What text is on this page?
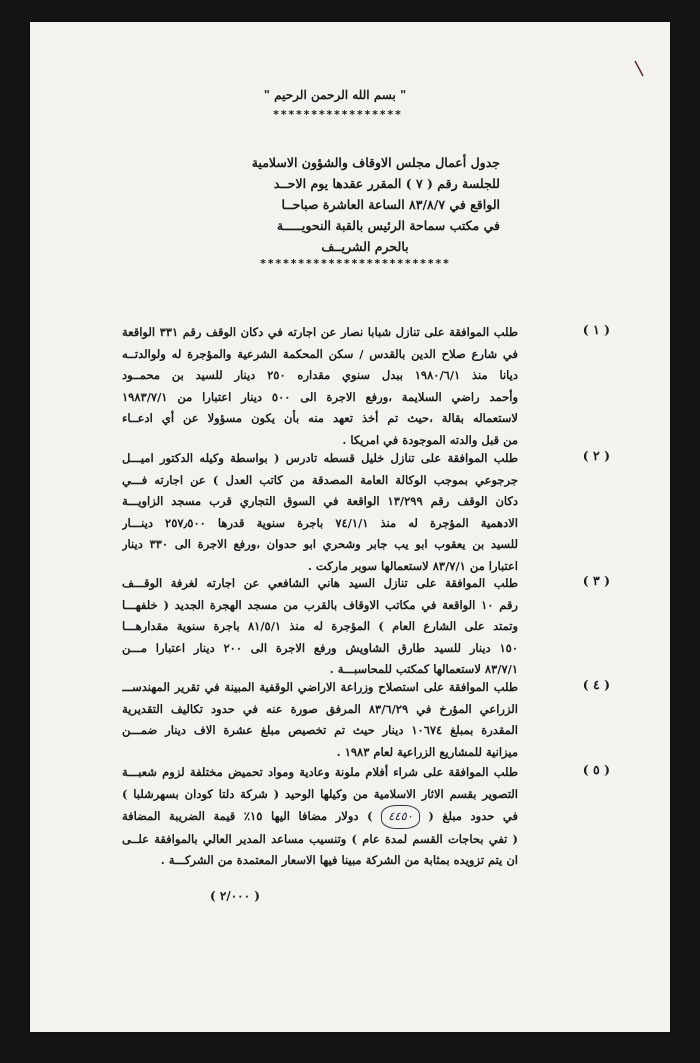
" بسم الله الرحمن الرحيم "
*****************
جدول أعمال مجلس الاوقاف والشؤون الاسلامية
للجلسة رقم ( ٧ ) المقرر عقدها يوم الاحــد
الواقع في ٨٣/٨/٧ الساعة العاشرة صباحــا
في مكتب سماحة الرئيس بالقبة النحويـــــة
بالحرم الشريــف
*************************
( ١ )
طلب الموافقة على تنازل شبابا نصار عن اجارته في دكان الوقف رقم ٣٣١ الواقعة
في شارع صلاح الدين بالقدس / سكن المحكمة الشرعية والمؤجرة له ولوالدتــه
ديانا منذ ١٩٨٠/٦/١ ببدل سنوي مقداره ٢٥٠ دينار للسيد بن محمــود
وأحمد راضي السلايمة ،ورفع الاجرة الى ٥٠٠ دينار اعتبارا من ١٩٨٣/٧/١
لاستعماله بقالة ،حيث تم أخذ تعهد منه بأن يكون مسؤولا عن أي ادعــاء
من قبل والدته الموجودة في امريكا .
( ٢ )
طلب الموافقة على تنازل خليل قسطه تادرس ( بواسطة وكيله الدكتور اميـــل
جرجوعي بموجب الوكالة العامة المصدقة من كاتب العدل ) عن اجارته فـــي
دكان الوقف رقم ١٣/٢٩٩ الواقعة في السوق التجاري قرب مسجد الزاويـــة
الادهمية المؤجرة له منذ ٧٤/١/١ باجرة سنوية قدرها ٢٥٧٫٥٠٠ دينـــار
للسيد بن يعقوب ابو يب جابر وشحري ابو حدوان ،ورفع الاجرة الى ٣٣٠ دينار
اعتبارا من ٨٣/٧/١ لاستعمالها سوبر ماركت .
( ٣ )
طلب الموافقة على تنازل السيد هاني الشافعي عن اجارته لغرفة الوقـــف
رقم ١٠ الواقعة في مكاتب الاوقاف بالقرب من مسجد الهجرة الجديد ( خلفهـــا
وتمتد على الشارع العام ) المؤجرة له منذ ٨١/٥/١ باجرة سنوية مقدارهـــا
١٥٠ دينار للسيد طارق الشاويش ورفع الاجرة الى ٢٠٠ دينار اعتبارا مـــن
٨٣/٧/١ لاستعمالها كمكتب للمحاسبـــة .
( ٤ )
طلب الموافقة على استصلاح وزراعة الاراضي الوقفية المبينة في تقرير المهندســـ
الزراعي المؤرخ في ٨٣/٦/٢٩ المرفق صورة عنه في حدود تكاليف التقديرية
المقدرة بمبلغ ١٠٦٧٤ دينار حيث تم تخصيص مبلغ عشرة الاف دينار ضمـــن
ميزانية للمشاريع الزراعية لعام ١٩٨٣ .
( ٥ )
طلب الموافقة على شراء أفلام ملونة وعادية ومواد تحميض مختلفة لزوم شعبـــة
التصوير بقسم الاثار الاسلامية من وكيلها الوحيد ( شركة دلتا كودان بسهرشلبا )
في حدود مبلغ ( ٤٤٥٠ ) دولار مضافا اليها ١٥٪ قيمة الضريبة المضافة
( تفي بحاجات القسم لمدة عام ) وتنسيب مساعد المدير العالي بالموافقة علــى
ان يتم تزويده بمثابة من الشركة مبينا فيها الاسعار المعتمدة من الشركـــة .
( ٢/٠٠٠ )
